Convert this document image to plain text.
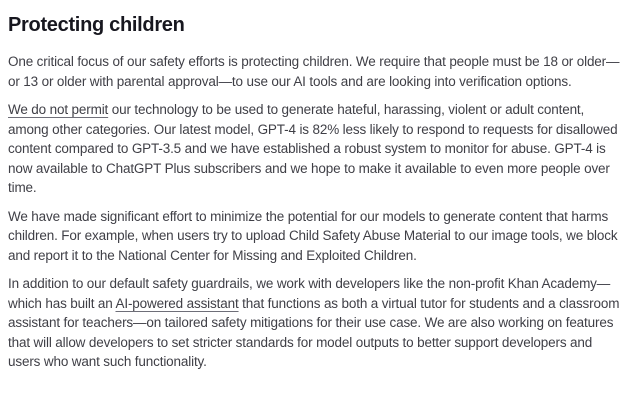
Protecting children

One critical focus of our safety efforts is protecting children. We require that people must be 18 or older—or 13 or older with parental approval—to use our AI tools and are looking into verification options.

We do not permit our technology to be used to generate hateful, harassing, violent or adult content, among other categories. Our latest model, GPT-4 is 82% less likely to respond to requests for disallowed content compared to GPT-3.5 and we have established a robust system to monitor for abuse. GPT-4 is now available to ChatGPT Plus subscribers and we hope to make it available to even more people over time.

We have made significant effort to minimize the potential for our models to generate content that harms children. For example, when users try to upload Child Safety Abuse Material to our image tools, we block and report it to the National Center for Missing and Exploited Children.

In addition to our default safety guardrails, we work with developers like the non-profit Khan Academy—which has built an AI-powered assistant that functions as both a virtual tutor for students and a classroom assistant for teachers—on tailored safety mitigations for their use case. We are also working on features that will allow developers to set stricter standards for model outputs to better support developers and users who want such functionality.
